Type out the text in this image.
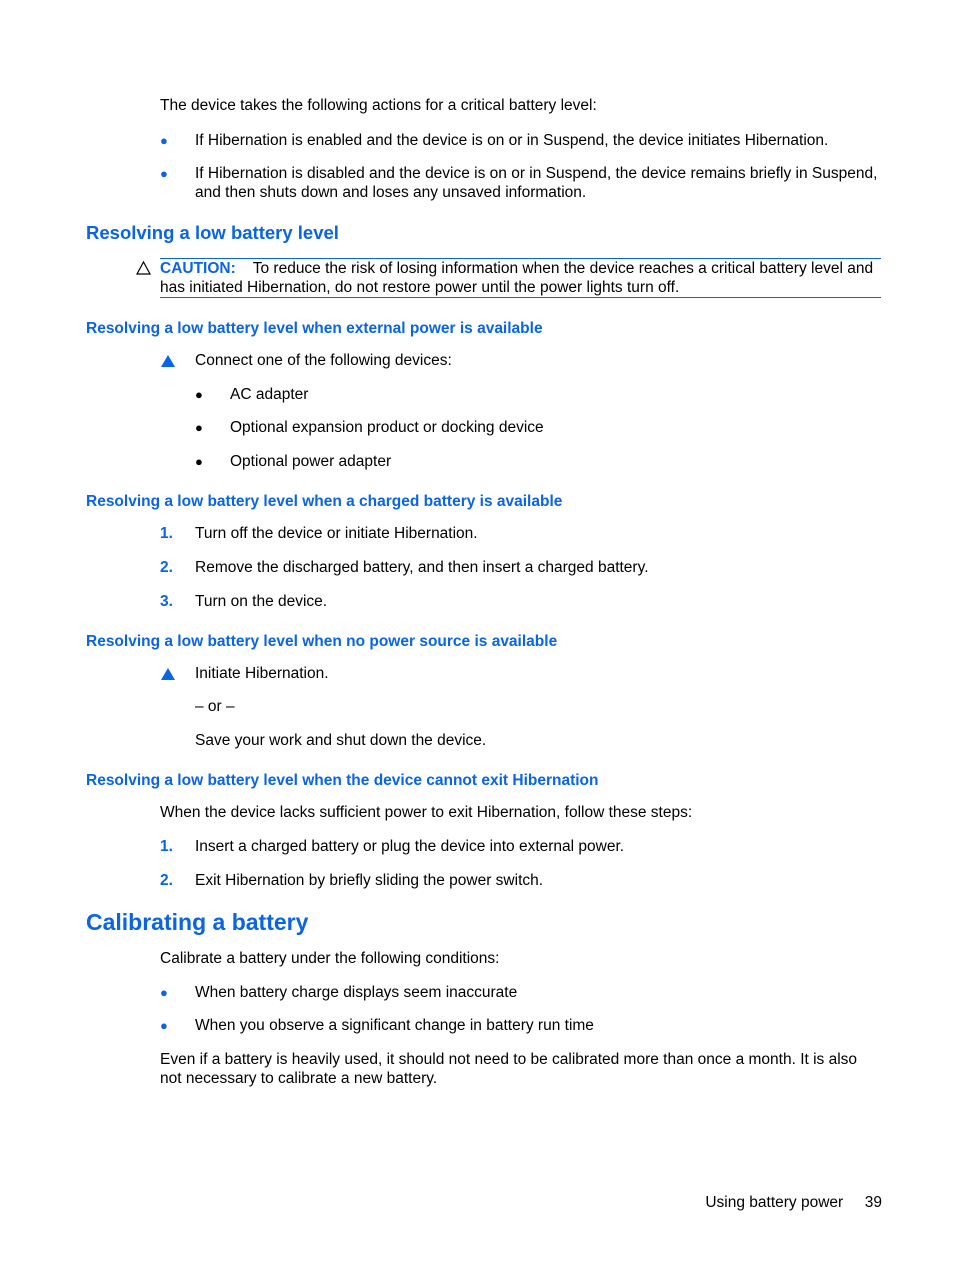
The device takes the following actions for a critical battery level:
● If Hibernation is enabled and the device is on or in Suspend, the device initiates Hibernation.
● If Hibernation is disabled and the device is on or in Suspend, the device remains briefly in Suspend, and then shuts down and loses any unsaved information.
Resolving a low battery level
CAUTION: To reduce the risk of losing information when the device reaches a critical battery level and has initiated Hibernation, do not restore power until the power lights turn off.
Resolving a low battery level when external power is available
Connect one of the following devices:
● AC adapter
● Optional expansion product or docking device
● Optional power adapter
Resolving a low battery level when a charged battery is available
1. Turn off the device or initiate Hibernation.
2. Remove the discharged battery, and then insert a charged battery.
3. Turn on the device.
Resolving a low battery level when no power source is available
Initiate Hibernation.
– or –
Save your work and shut down the device.
Resolving a low battery level when the device cannot exit Hibernation
When the device lacks sufficient power to exit Hibernation, follow these steps:
1. Insert a charged battery or plug the device into external power.
2. Exit Hibernation by briefly sliding the power switch.
Calibrating a battery
Calibrate a battery under the following conditions:
● When battery charge displays seem inaccurate
● When you observe a significant change in battery run time
Even if a battery is heavily used, it should not need to be calibrated more than once a month. It is also not necessary to calibrate a new battery.
Using battery power 39
